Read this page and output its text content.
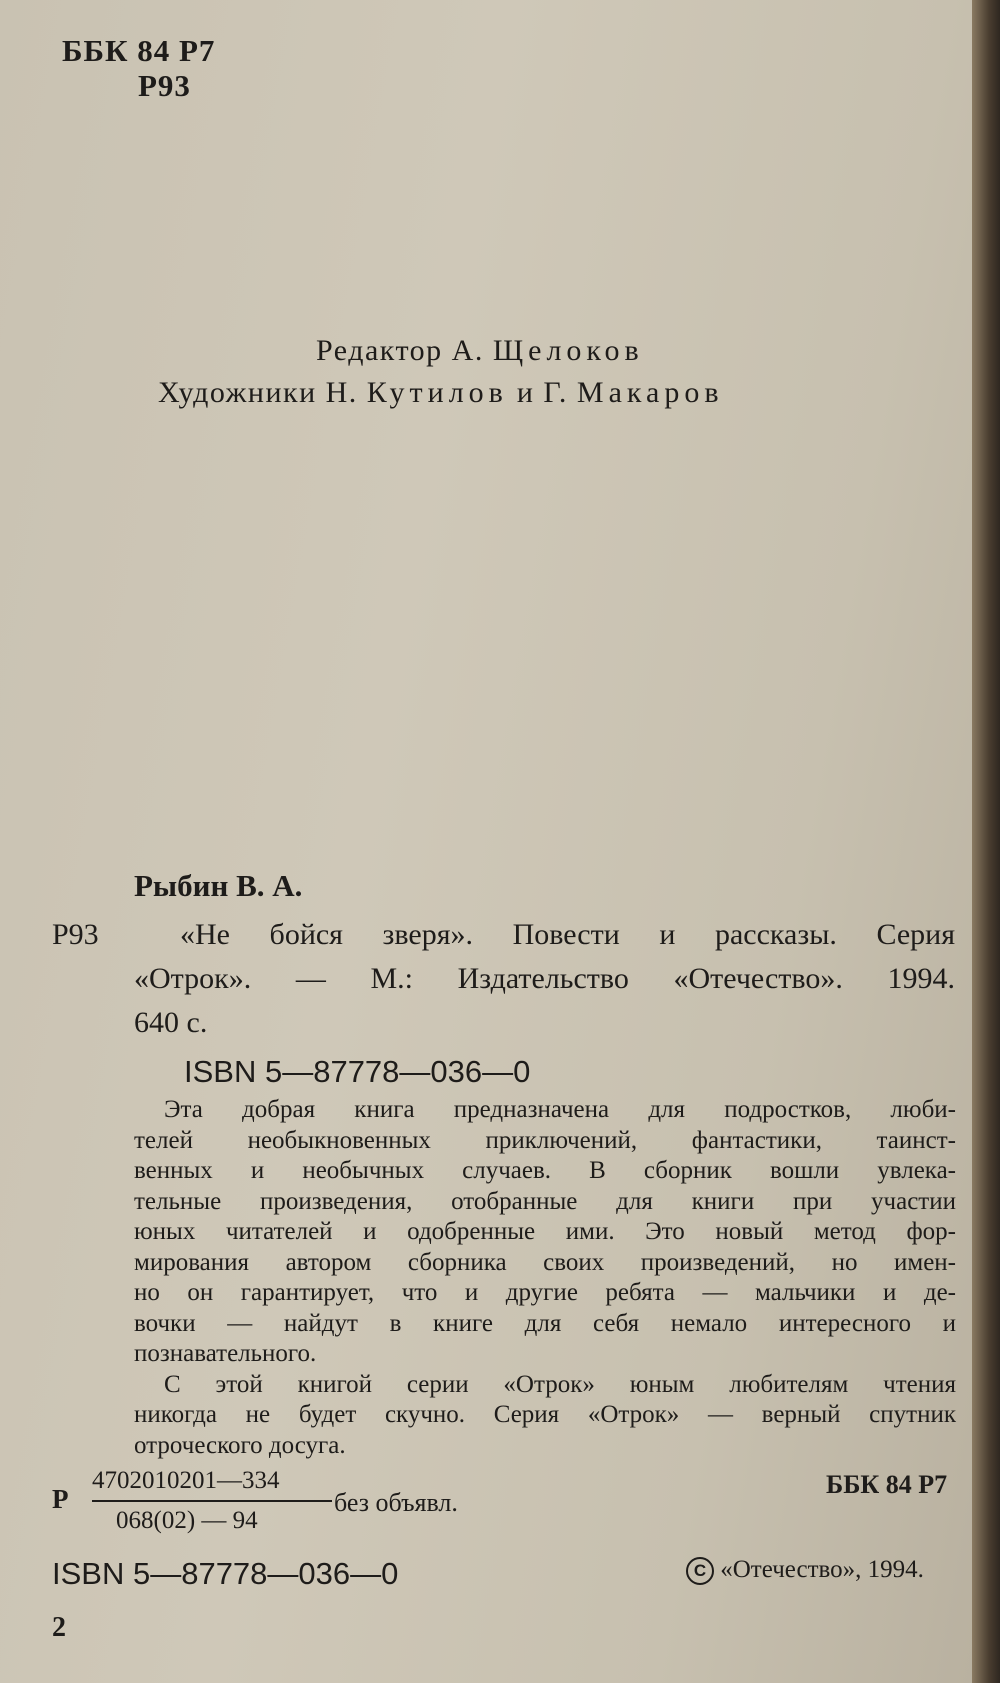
ББК 84 Р7
Р93
Редактор А. Щелоков
Художники Н. Кутилов и Г. Макаров
Рыбин В. А.
Р93	«Не бойся зверя». Повести и рассказы. Серия
«Отрок». — М.: Издательство «Отечество». 1994.
640 с.
ISBN 5—87778—036—0

Эта добрая книга предназначена для подростков, люби-
телей необыкновенных приключений, фантастики, таинст-
венных и необычных случаев. В сборник вошли увлека-
тельные произведения, отобранные для книги при участии
юных читателей и одобренные ими. Это новый метод фор-
мирования автором сборника своих произведений, но имен-
но он гарантирует, что и другие ребята — мальчики и де-
вочки — найдут в книге для себя немало интересного и
познавательного.

С этой книгой серии «Отрок» юным любителям чтения
никогда не будет скучно. Серия «Отрок» — верный спутник
отроческого досуга.

Р
4702010201—334
068(02) — 94
без объявл.
ББК 84 Р7
ISBN 5—87778—036—0	C «Отечество», 1994.
2
